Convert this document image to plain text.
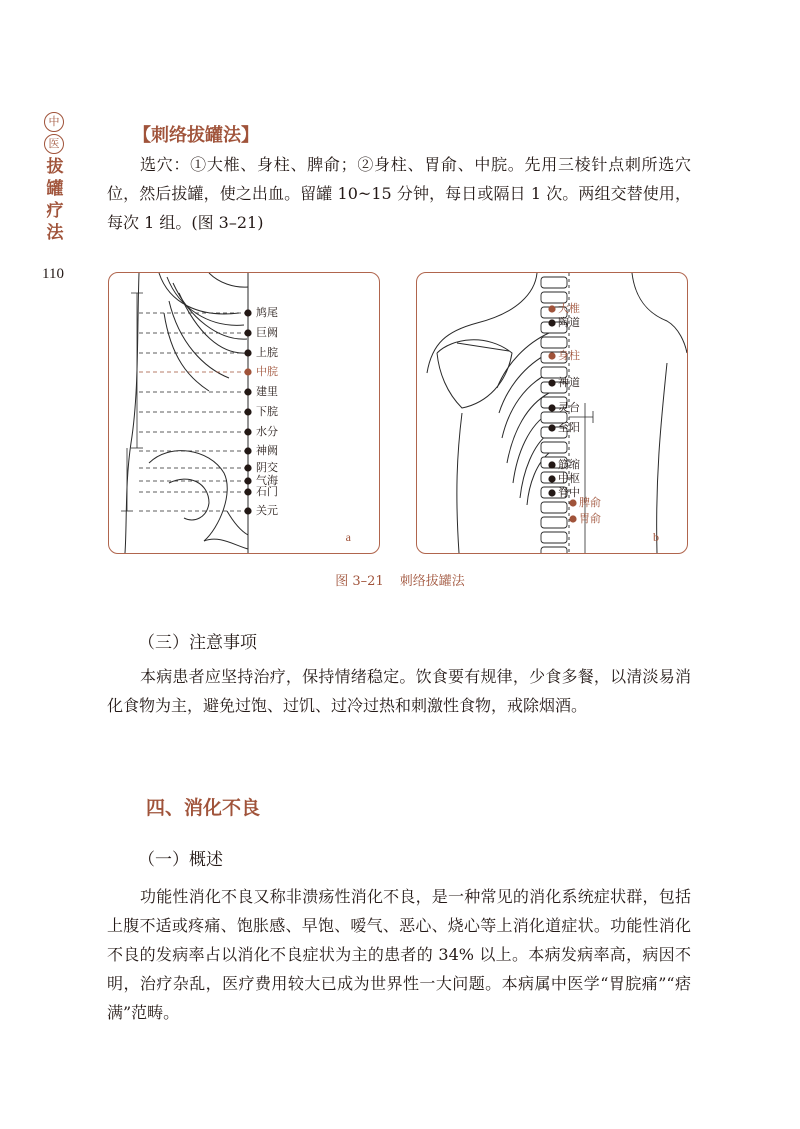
中
医
拔
罐
疗
法
110
【刺络拔罐法】
选穴：①大椎、身柱、脾俞；②身柱、胃俞、中脘。先用三棱针点刺所选穴位，然后拔罐，使之出血。留罐 10~15 分钟，每日或隔日 1 次。两组交替使用，每次 1 组。(图 3–21)
鸠尾
巨阙
上脘
中脘
建里
下脘
水分
神阙
阴交
气海
石门
关元
a
大椎
陶道
身柱
神道
灵台
至阳
筋缩
中枢
脊中
脾俞
胃俞
b
图 3–21 刺络拔罐法
（三）注意事项
本病患者应坚持治疗，保持情绪稳定。饮食要有规律，少食多餐，以清淡易消化食物为主，避免过饱、过饥、过冷过热和刺激性食物，戒除烟酒。
四、消化不良
（一）概述
功能性消化不良又称非溃疡性消化不良，是一种常见的消化系统症状群，包括上腹不适或疼痛、饱胀感、早饱、嗳气、恶心、烧心等上消化道症状。功能性消化不良的发病率占以消化不良症状为主的患者的 34% 以上。本病发病率高，病因不明，治疗杂乱，医疗费用较大已成为世界性一大问题。本病属中医学“胃脘痛”“痞满”范畴。
